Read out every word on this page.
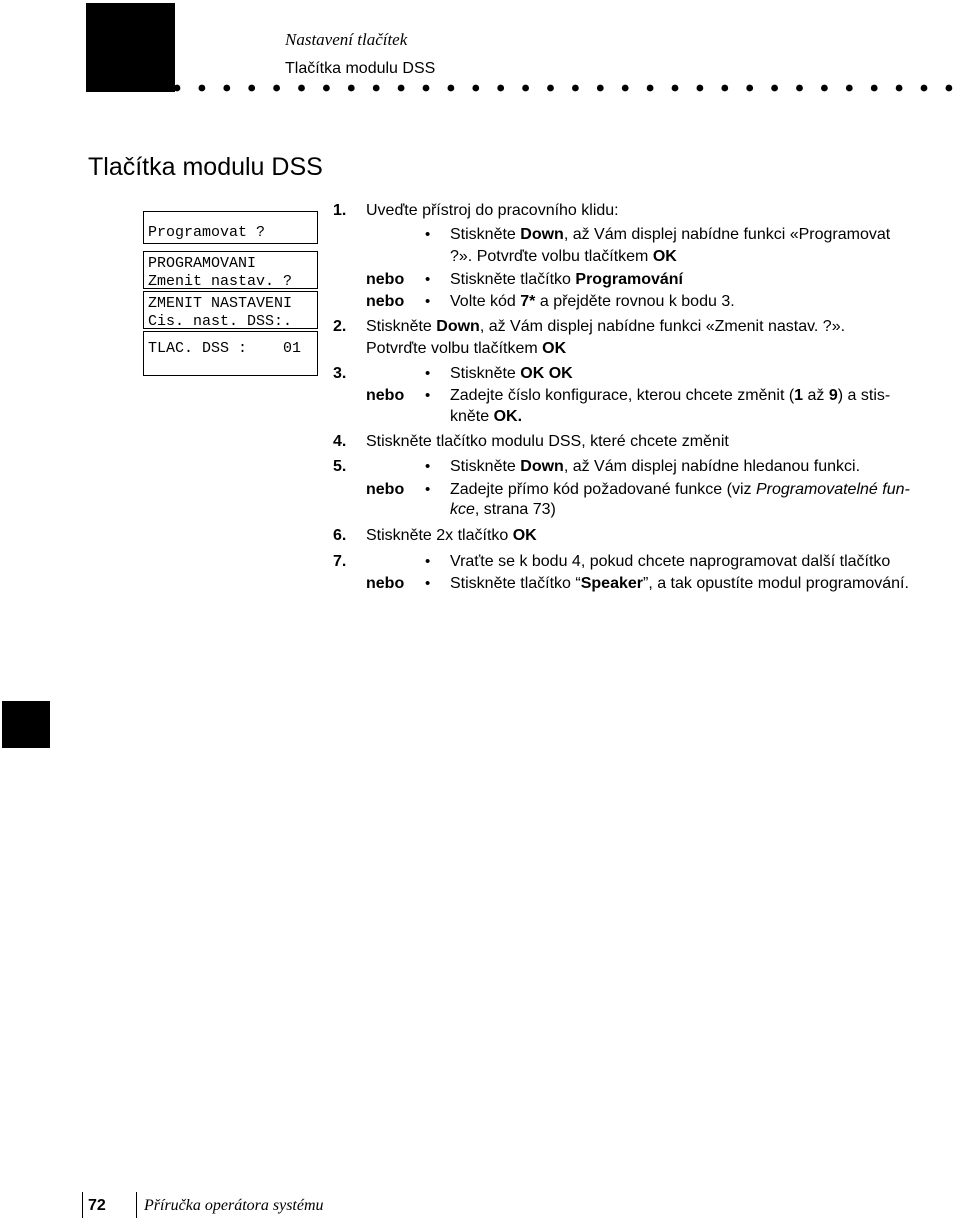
Nastavení tlačítek
Tlačítka modulu DSS
Tlačítka modulu DSS
Programovat ?
PROGRAMOVANI
Zmenit nastav. ?
ZMENIT NASTAVENI
Cis. nast. DSS:.
TLAC. DSS :    01
1. Uveďte přístroj do pracovního klidu:
• Stiskněte Down, až Vám displej nabídne funkci «Programovat
?». Potvrďte volbu tlačítkem OK
nebo • Stiskněte tlačítko Programování
nebo • Volte kód 7* a přejděte rovnou k bodu 3.
2. Stiskněte Down, až Vám displej nabídne funkci «Zmenit nastav. ?».
Potvrďte volbu tlačítkem OK
3.	• Stiskněte OK OK
nebo • Zadejte číslo konfigurace, kterou chcete změnit (1 až 9) a stis-
kněte OK.
4. Stiskněte tlačítko modulu DSS, které chcete změnit
5.	• Stiskněte Down, až Vám displej nabídne hledanou funkci.
nebo • Zadejte přímo kód požadované funkce (viz Programovatelné fun-
kce, strana 73)
6. Stiskněte 2x tlačítko OK
7.	• Vraťte se k bodu 4, pokud chcete naprogramovat další tlačítko
nebo • Stiskněte tlačítko “Speaker”, a tak opustíte modul programování.
72 Příručka operátora systému
